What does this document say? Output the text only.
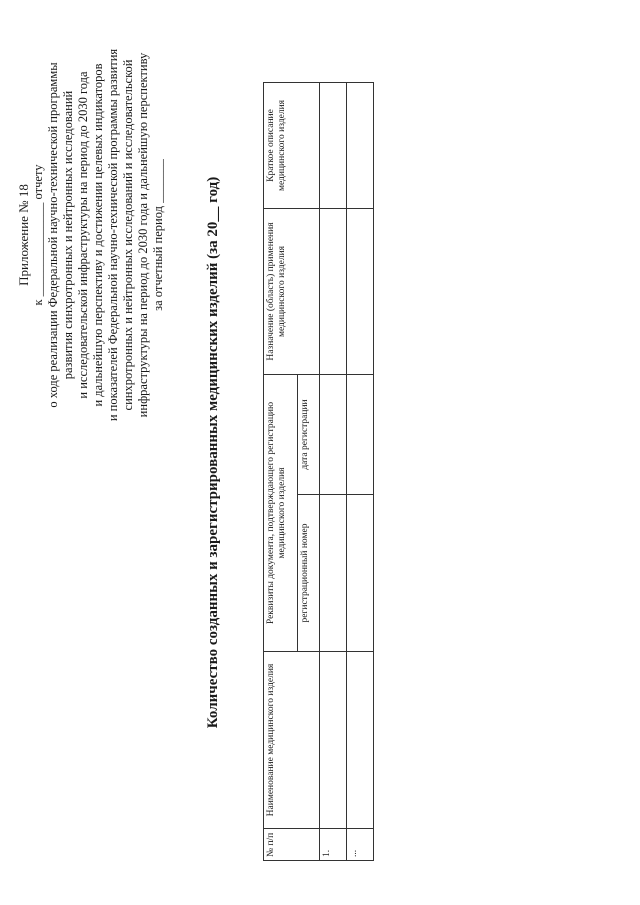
Приложение № 18 к _______________ отчету о ходе реализации Федеральной научно-технической программы развития синхротронных и нейтронных исследований и исследовательской инфраструктуры на период до 2030 года и дальнейшую перспективу и достижении целевых индикаторов и показателей Федеральной научно-технической программы развития синхротронных и нейтронных исследований и исследовательской инфраструктуры на период до 2030 года и дальнейшую перспективу за отчетный период _______	Количество созданных и зарегистрированных медицинских изделий (за 20__ год)
№ п/п	Наименование медицинского изделия	Реквизиты документа, подтверждающего регистрацию медицинского изделия		Назначение (область) применения медицинского изделия	Краткое описание медицинского изделия
		регистрационный номер	дата регистрации		
1.					
...					
